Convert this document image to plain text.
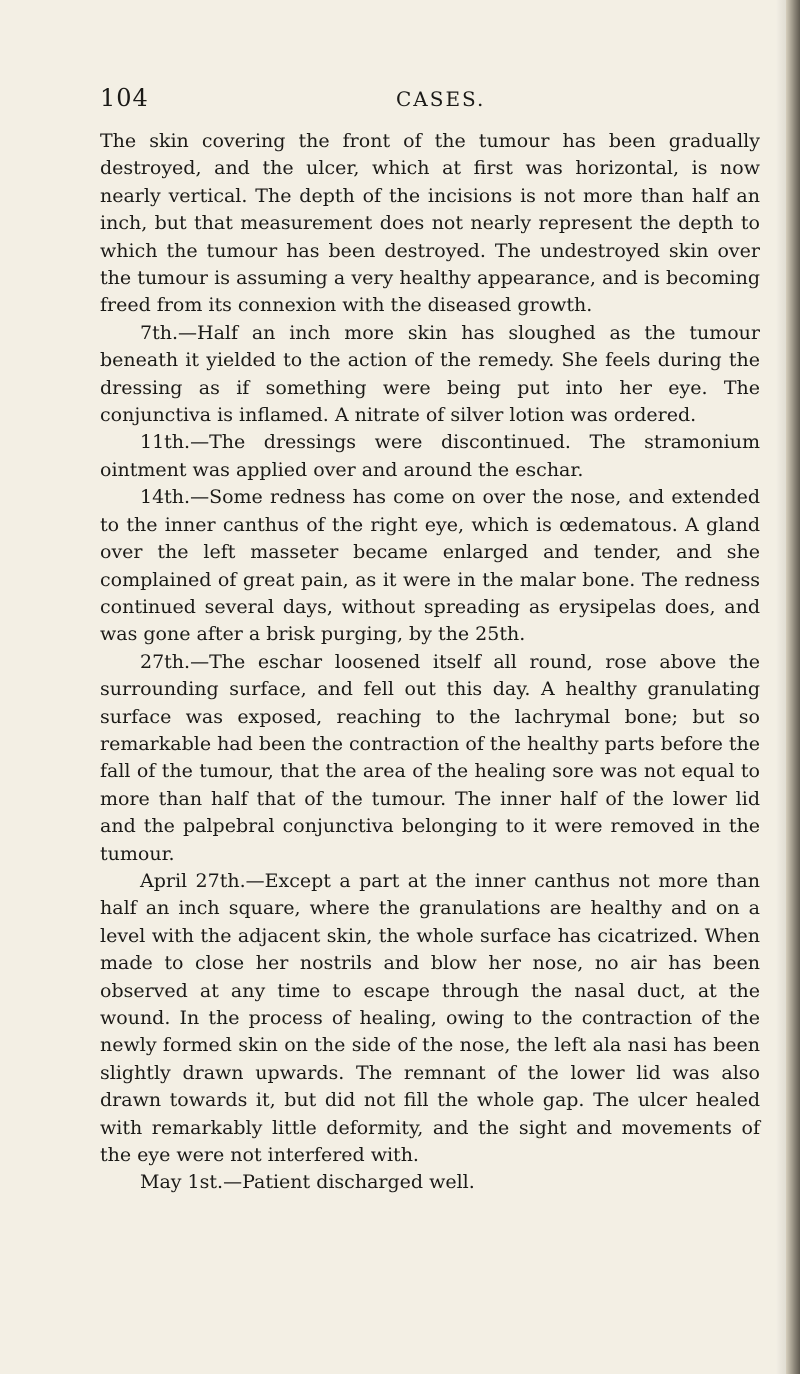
104	CASES.

The skin covering the front of the tumour has been gradually destroyed, and the ulcer, which at first was horizontal, is now nearly vertical. The depth of the incisions is not more than half an inch, but that measurement does not nearly represent the depth to which the tumour has been destroyed. The undestroyed skin over the tumour is assuming a very healthy appearance, and is becoming freed from its connexion with the diseased growth.

7th.—Half an inch more skin has sloughed as the tumour beneath it yielded to the action of the remedy. She feels during the dressing as if something were being put into her eye. The conjunctiva is inflamed. A nitrate of silver lotion was ordered.

11th.—The dressings were discontinued. The stramonium ointment was applied over and around the eschar.

14th.—Some redness has come on over the nose, and extended to the inner canthus of the right eye, which is œdematous. A gland over the left masseter became enlarged and tender, and she complained of great pain, as it were in the malar bone. The redness continued several days, without spreading as erysipelas does, and was gone after a brisk purging, by the 25th.

27th.—The eschar loosened itself all round, rose above the surrounding surface, and fell out this day. A healthy granulating surface was exposed, reaching to the lachrymal bone; but so remarkable had been the contraction of the healthy parts before the fall of the tumour, that the area of the healing sore was not equal to more than half that of the tumour. The inner half of the lower lid and the palpebral conjunctiva belonging to it were removed in the tumour.

April 27th.—Except a part at the inner canthus not more than half an inch square, where the granulations are healthy and on a level with the adjacent skin, the whole surface has cicatrized. When made to close her nostrils and blow her nose, no air has been observed at any time to escape through the nasal duct, at the wound. In the process of healing, owing to the contraction of the newly formed skin on the side of the nose, the left ala nasi has been slightly drawn upwards. The remnant of the lower lid was also drawn towards it, but did not fill the whole gap. The ulcer healed with remarkably little deformity, and the sight and movements of the eye were not interfered with.

May 1st.—Patient discharged well.
